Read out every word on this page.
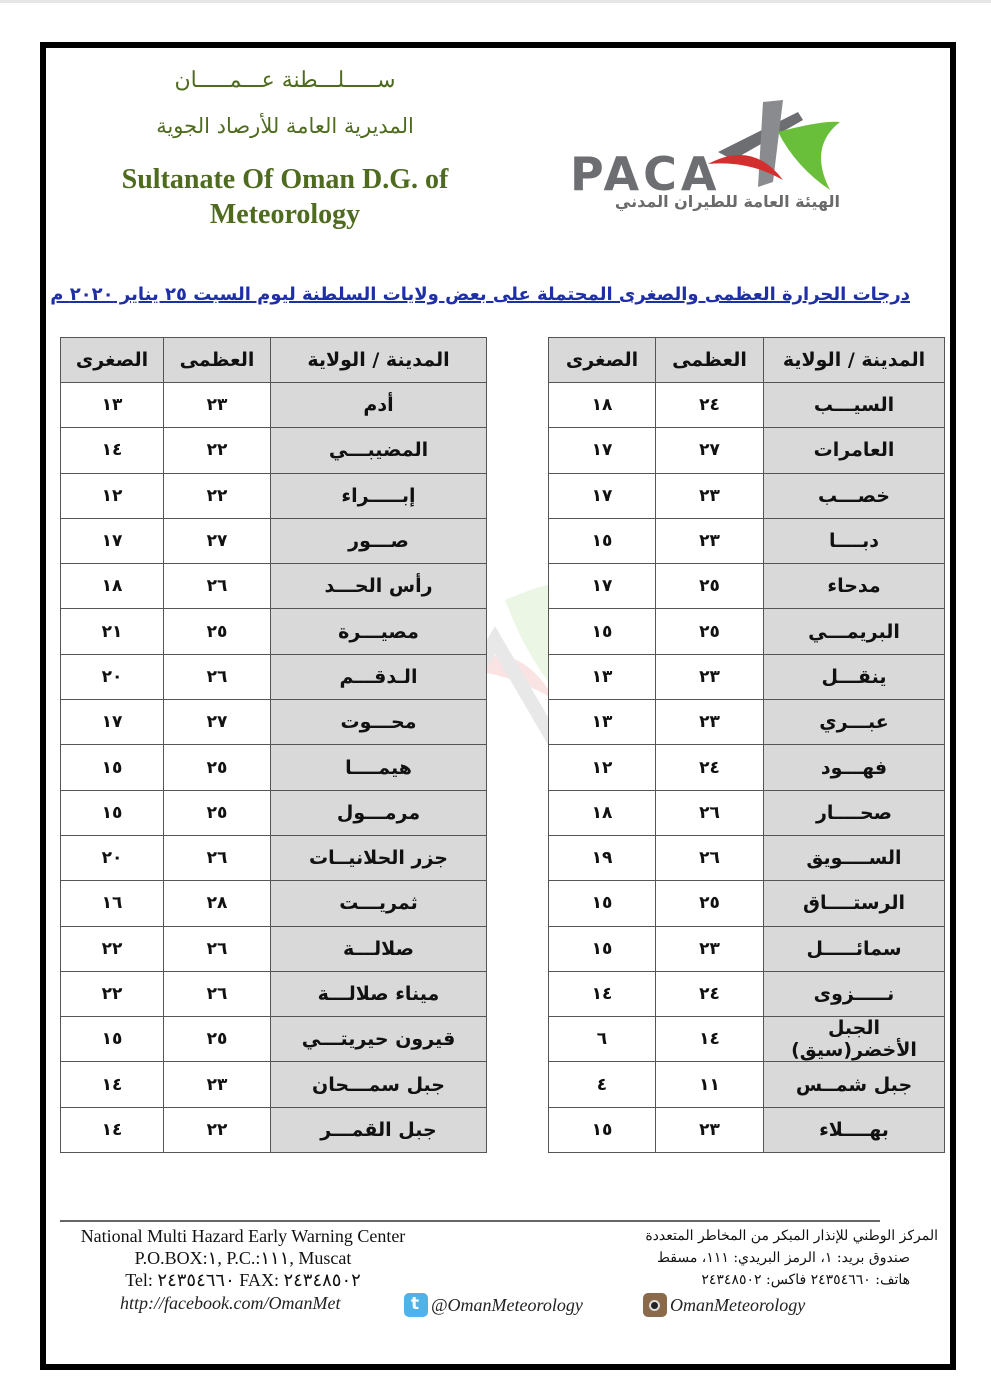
ســـــلـــطنة عـــمـــــان
المديرية العامة للأرصاد الجوية
Sultanate Of Oman D.G. of
Meteorology
PACA
الهيئة العامة للطيران المدني
درجات الحرارة العظمى والصغرى المحتملة على بعض ولايات السلطنة ليوم السبت ٢٥ يناير ٢٠٢٠ م
المدينة / الولاية	العظمى	الصغرى
السيـــب	٢٤	١٨
العامرات	٢٧	١٧
خصـــب	٢٣	١٧
دبــــا	٢٣	١٥
مدحاء	٢٥	١٧
البريمـــي	٢٥	١٥
ينقـــل	٢٣	١٣
عبـــري	٢٣	١٣
فهـــود	٢٤	١٢
صحــــار	٢٦	١٨
الســــويق	٢٦	١٩
الرستــــاق	٢٥	١٥
سمائـــــل	٢٣	١٥
نـــــزوى	٢٤	١٤
الجبل الأخضر(سيق)	١٤	٦
جبل شمــس	١١	٤
بهــــلاء	٢٣	١٥
المدينة / الولاية	العظمى	الصغرى
أدم	٢٣	١٣
المضيبـــي	٢٢	١٤
إبـــــراء	٢٢	١٢
صـــور	٢٧	١٧
رأس الحـــد	٢٦	١٨
مصيـــرة	٢٥	٢١
الـدقـــم	٢٦	٢٠
محـــوت	٢٧	١٧
هيمــــا	٢٥	١٥
مرمـــول	٢٥	١٥
جزر الحلانيــات	٢٦	٢٠
ثمريـــت	٢٨	١٦
صلالـــة	٢٦	٢٢
ميناء صلالـــة	٢٦	٢٢
قيرون حيريتـــي	٢٥	١٥
جبل سمـــحان	٢٣	١٤
جبل القمـــر	٢٢	١٤
National Multi Hazard Early Warning Center
P.O.BOX:١, P.C.:١١١, Muscat
Tel: ٢٤٣٥٤٦٦٠ FAX: ٢٤٣٤٨٥٠٢
المركز الوطني للإنذار المبكر من المخاطر المتعددة
صندوق بريد: ١، الرمز البريدي: ١١١، مسقط
هاتف: ٢٤٣٥٤٦٦٠ فاكس: ٢٤٣٤٨٥٠٢
http://facebook.com/OmanMet t	@OmanMeteorology	OmanMeteorology
